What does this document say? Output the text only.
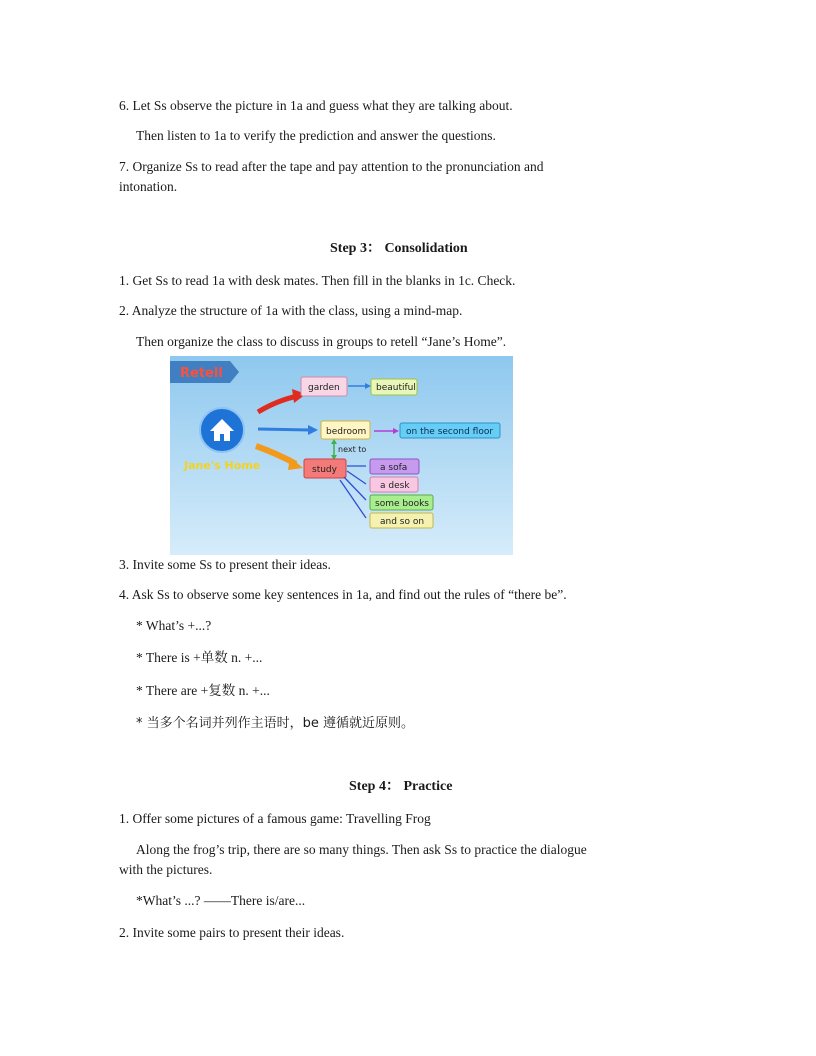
6. Let Ss observe the picture in 1a and guess what they are talking about.
Then listen to 1a to verify the prediction and answer the questions.
7. Organize Ss to read after the tape and pay attention to the pronunciation and
intonation.
Step 3： Consolidation
1. Get Ss to read 1a with desk mates. Then fill in the blanks in 1c. Check.
2. Analyze the structure of 1a with the class, using a mind-map.
Then organize the class to discuss in groups to retell “Jane’s Home”.
Retell
Jane's Home
garden	beautiful
bedroom	on the second floor
next to
study	a sofa
a desk
some books
and so on
3. Invite some Ss to present their ideas.
4. Ask Ss to observe some key sentences in 1a, and find out the rules of “there be”.
* What’s +...?
* There is +单数 n. +...
* There are +复数 n. +...
* 当多个名词并列作主语时，be 遵循就近原则。
Step 4： Practice
1. Offer some pictures of a famous game: Travelling Frog
Along the frog’s trip, there are so many things. Then ask Ss to practice the dialogue
with the pictures.
*What’s ...? ——There is/are...
2. Invite some pairs to present their ideas.
